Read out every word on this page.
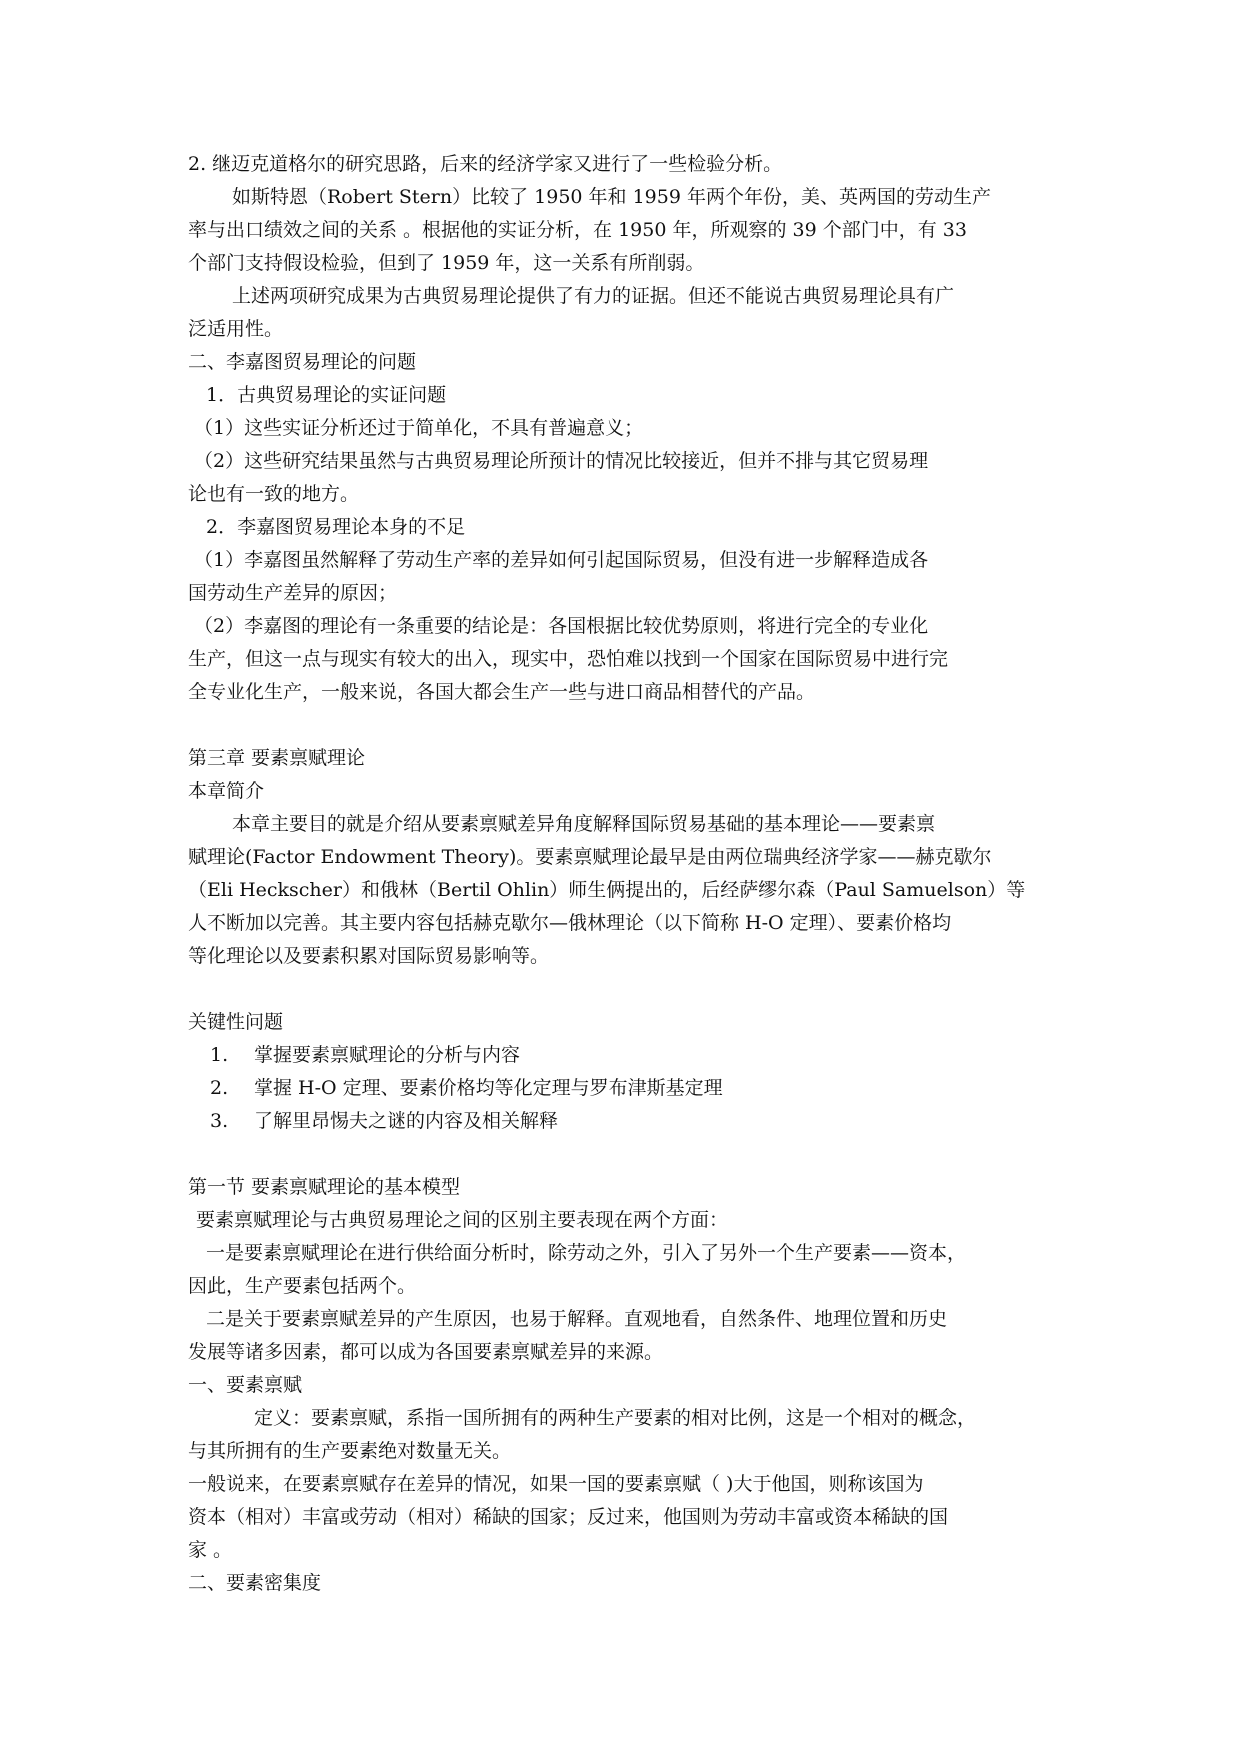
2. 继迈克道格尔的研究思路，后来的经济学家又进行了一些检验分析。
如斯特恩（Robert Stern）比较了 1950 年和 1959 年两个年份，美、英两国的劳动生产
率与出口绩效之间的关系 。根据他的实证分析，在 1950 年，所观察的 39 个部门中，有 33
个部门支持假设检验，但到了 1959 年，这一关系有所削弱。
上述两项研究成果为古典贸易理论提供了有力的证据。但还不能说古典贸易理论具有广
泛适用性。
二、李嘉图贸易理论的问题
1．古典贸易理论的实证问题
（1）这些实证分析还过于简单化，不具有普遍意义；
（2）这些研究结果虽然与古典贸易理论所预计的情况比较接近，但并不排与其它贸易理
论也有一致的地方。
2．李嘉图贸易理论本身的不足
（1）李嘉图虽然解释了劳动生产率的差异如何引起国际贸易，但没有进一步解释造成各
国劳动生产差异的原因；
（2）李嘉图的理论有一条重要的结论是：各国根据比较优势原则，将进行完全的专业化
生产，但这一点与现实有较大的出入，现实中，恐怕难以找到一个国家在国际贸易中进行完
全专业化生产，一般来说，各国大都会生产一些与进口商品相替代的产品。
第三章 要素禀赋理论
本章简介
本章主要目的就是介绍从要素禀赋差异角度解释国际贸易基础的基本理论——要素禀
赋理论(Factor Endowment Theory)。要素禀赋理论最早是由两位瑞典经济学家——赫克歇尔
（Eli Heckscher）和俄林（Bertil Ohlin）师生俩提出的，后经萨缪尔森（Paul Samuelson）等
人不断加以完善。其主要内容包括赫克歇尔—俄林理论（以下简称 H-O 定理）、要素价格均
等化理论以及要素积累对国际贸易影响等。
关键性问题
1. 掌握要素禀赋理论的分析与内容
2. 掌握 H-O 定理、要素价格均等化定理与罗布津斯基定理
3. 了解里昂惕夫之谜的内容及相关解释
第一节 要素禀赋理论的基本模型
要素禀赋理论与古典贸易理论之间的区别主要表现在两个方面：
一是要素禀赋理论在进行供给面分析时，除劳动之外，引入了另外一个生产要素——资本，
因此，生产要素包括两个。
二是关于要素禀赋差异的产生原因，也易于解释。直观地看，自然条件、地理位置和历史
发展等诸多因素，都可以成为各国要素禀赋差异的来源。
一、要素禀赋
定义：要素禀赋，系指一国所拥有的两种生产要素的相对比例，这是一个相对的概念，
与其所拥有的生产要素绝对数量无关。
一般说来，在要素禀赋存在差异的情况，如果一国的要素禀赋（ )大于他国，则称该国为
资本（相对）丰富或劳动（相对）稀缺的国家；反过来，他国则为劳动丰富或资本稀缺的国
家 。
二、要素密集度
